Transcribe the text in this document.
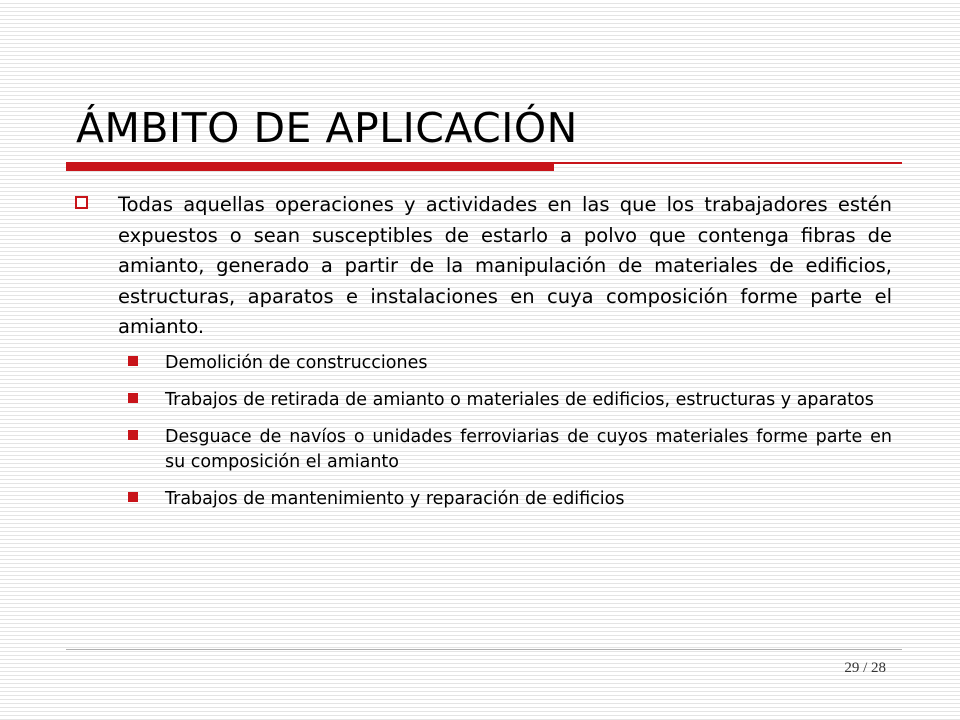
ÁMBITO DE APLICACIÓN
Todas aquellas operaciones y actividades en las que los trabajadores estén expuestos o sean susceptibles de estarlo a polvo que contenga fibras de amianto, generado a partir de la manipulación de materiales de edificios, estructuras, aparatos e instalaciones en cuya composición forme parte el amianto.
Demolición de construcciones
Trabajos de retirada de amianto o materiales de edificios, estructuras y aparatos
Desguace de navíos o unidades ferroviarias de cuyos materiales forme parte en su composición el amianto
Trabajos de mantenimiento y reparación de edificios
29 / 28
